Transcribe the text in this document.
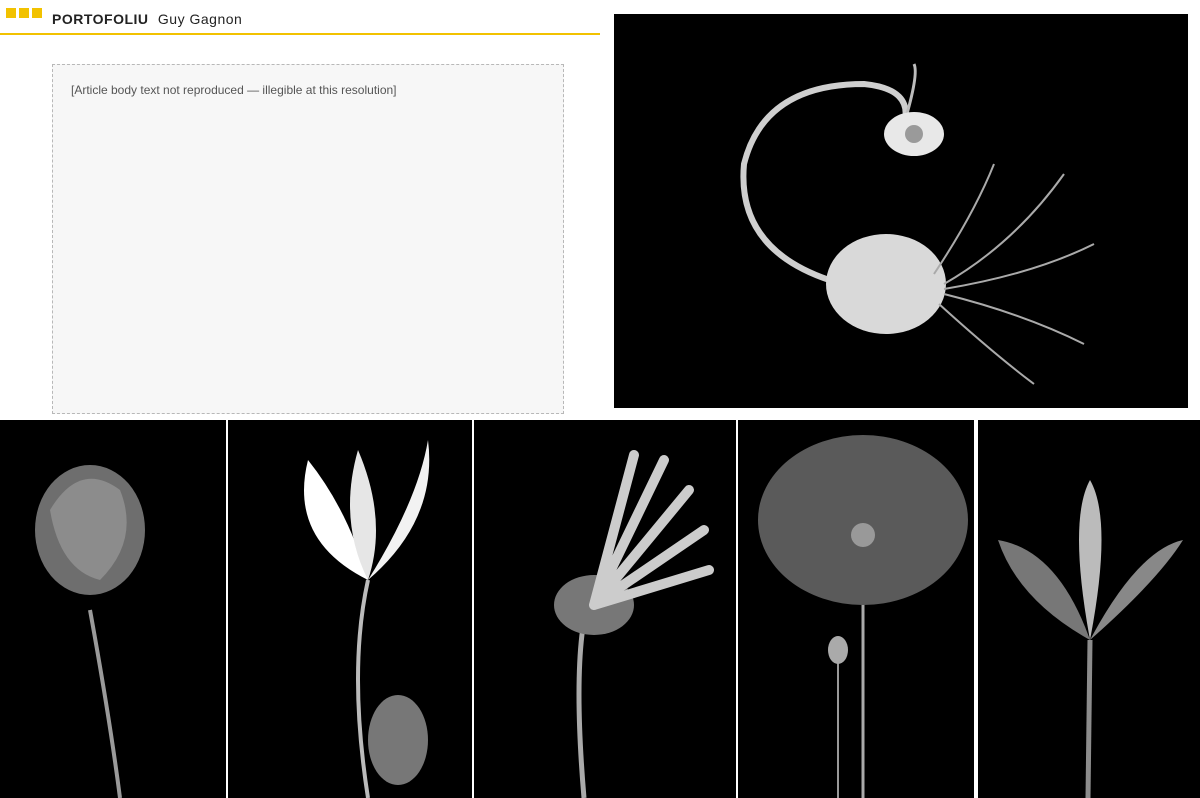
PORTOFOLIU Guy Gagnon
[Article body text not reproduced — illegible at this resolution]
